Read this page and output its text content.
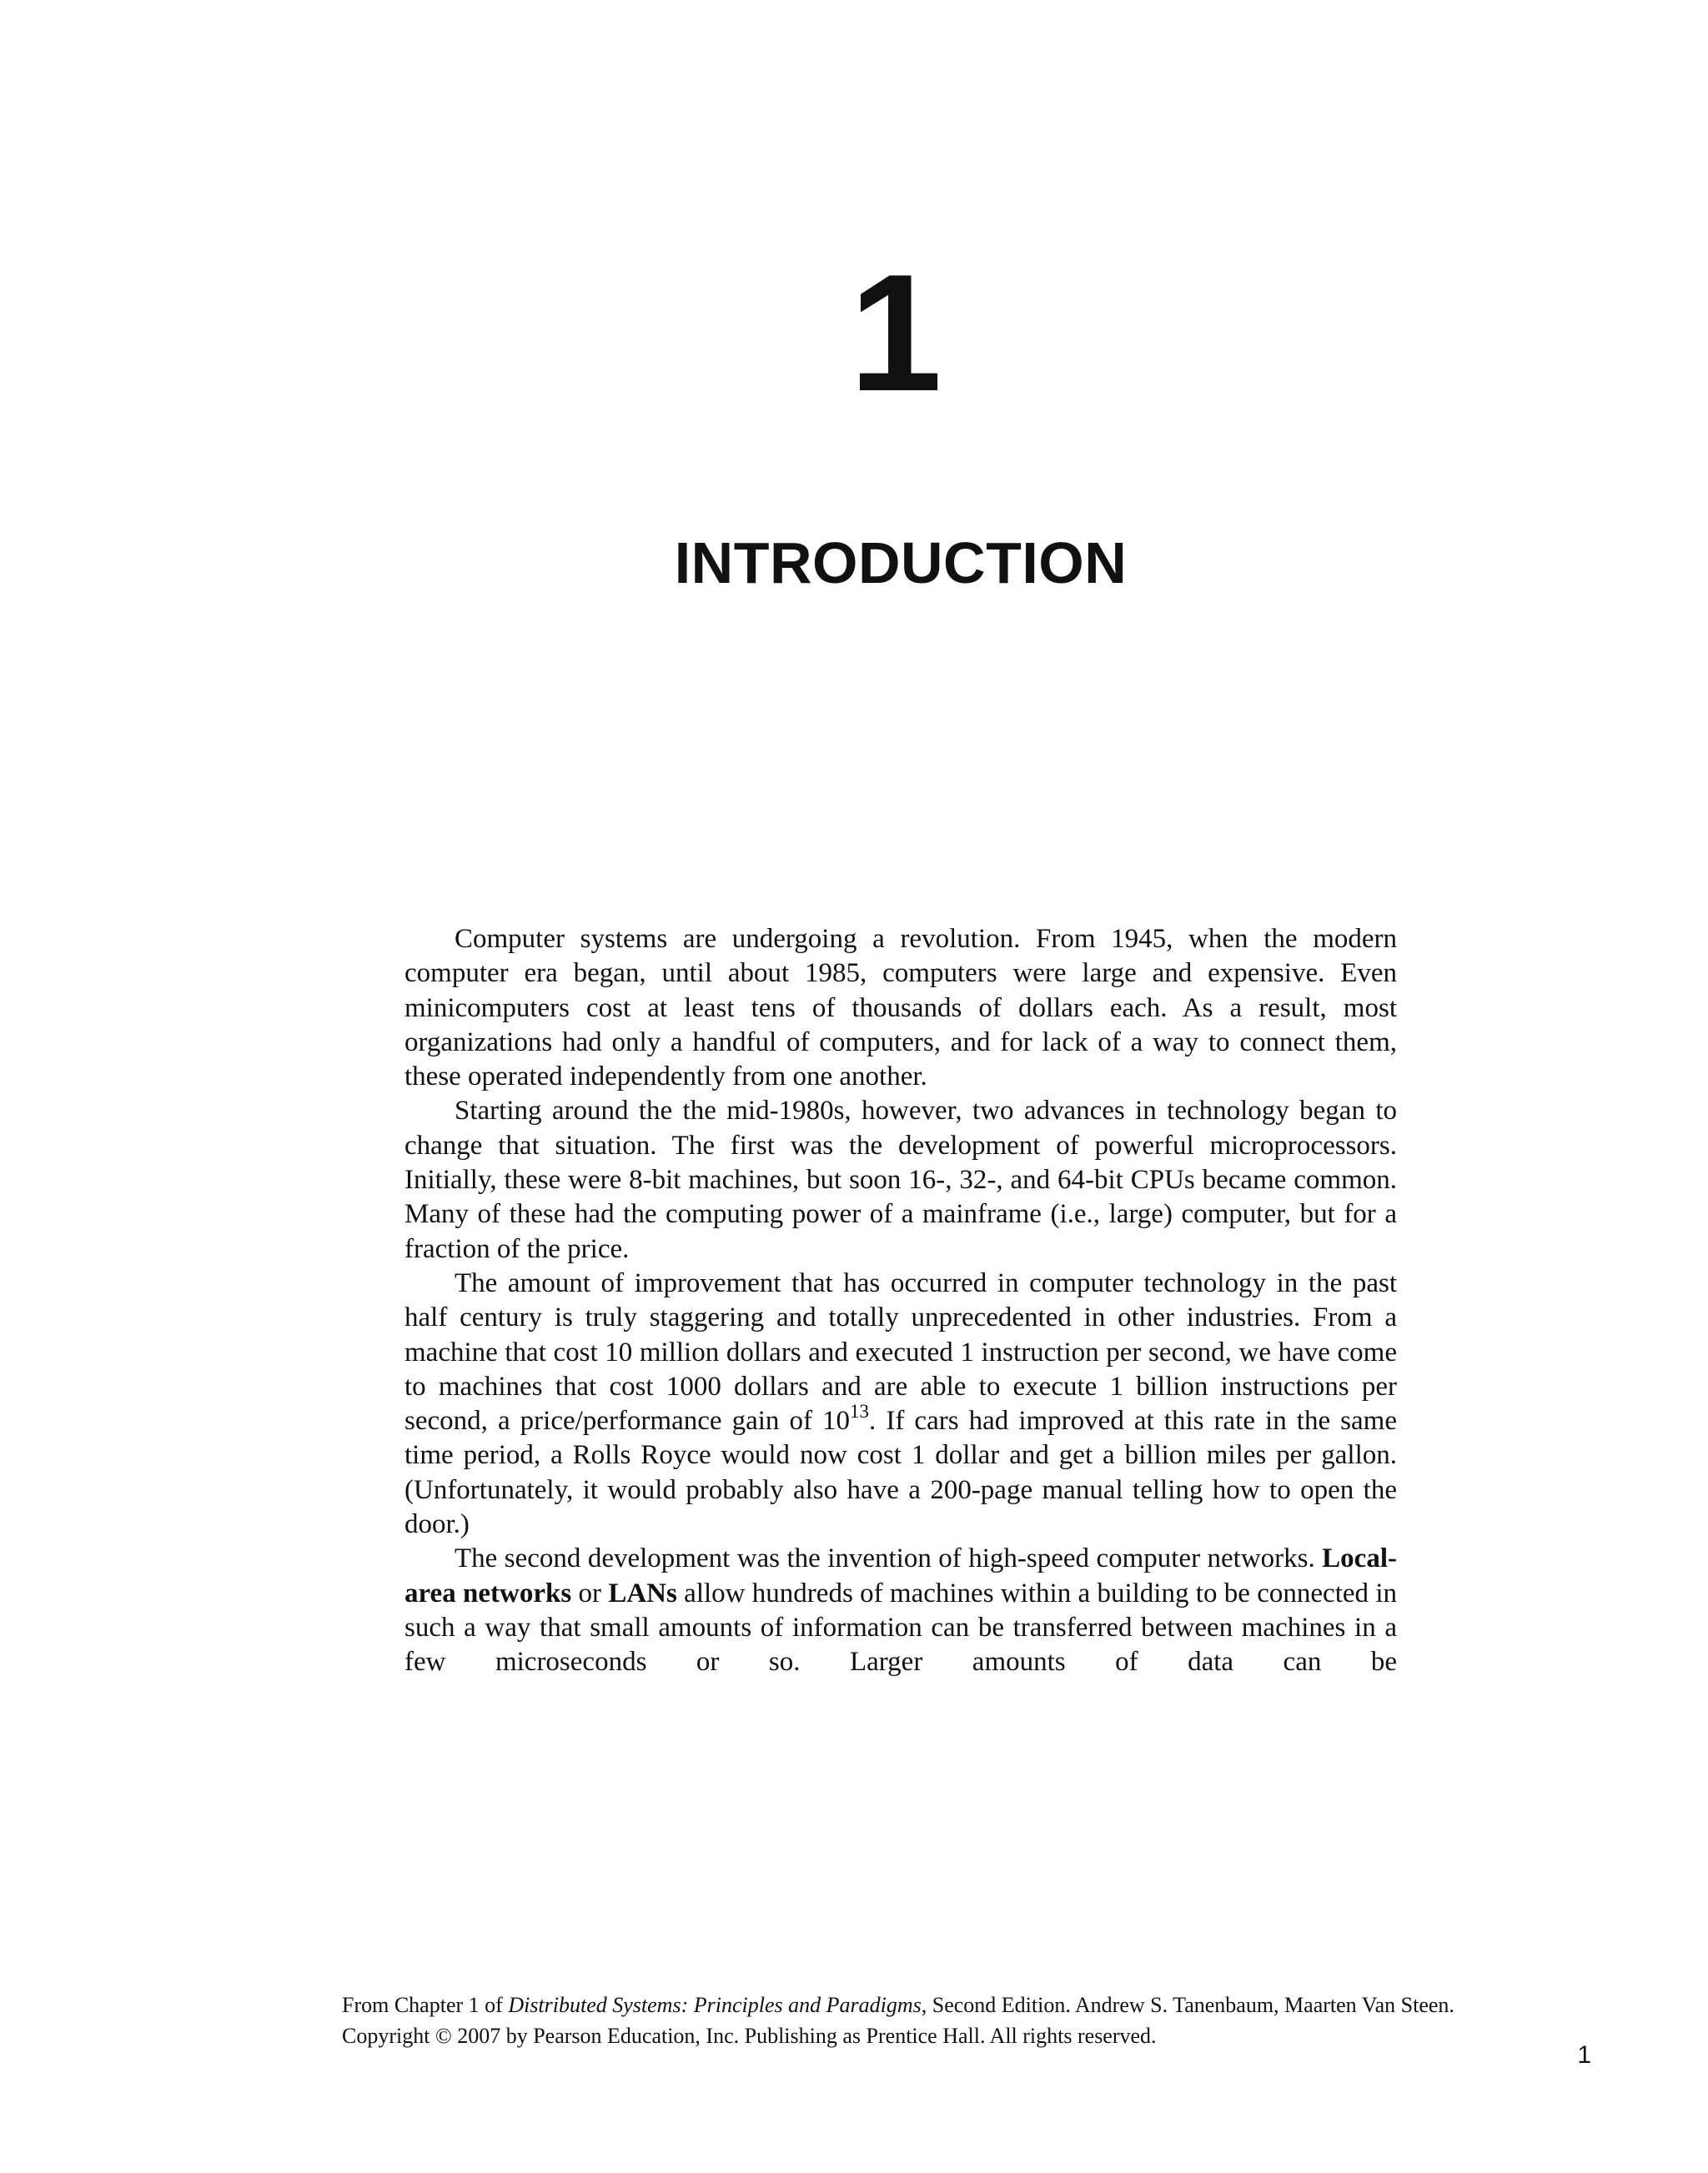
1
INTRODUCTION

Computer systems are undergoing a revolution. From 1945, when the modern computer era began, until about 1985, computers were large and expensive. Even minicomputers cost at least tens of thousands of dollars each. As a result, most organizations had only a handful of computers, and for lack of a way to connect them, these operated independently from one another.

Starting around the the mid-1980s, however, two advances in technology began to change that situation. The first was the development of powerful microprocessors. Initially, these were 8-bit machines, but soon 16-, 32-, and 64-bit CPUs became common. Many of these had the computing power of a mainframe (i.e., large) computer, but for a fraction of the price.

The amount of improvement that has occurred in computer technology in the past half century is truly staggering and totally unprecedented in other industries. From a machine that cost 10 million dollars and executed 1 instruction per second, we have come to machines that cost 1000 dollars and are able to execute 1 billion instructions per second, a price/performance gain of $10^{13}$. If cars had improved at this rate in the same time period, a Rolls Royce would now cost 1 dollar and get a billion miles per gallon. (Unfortunately, it would probably also have a 200-page manual telling how to open the door.)

The second development was the invention of high-speed computer networks. Local-area networks or LANs allow hundreds of machines within a building to be connected in such a way that small amounts of information can be transferred between machines in a few microseconds or so. Larger amounts of data can be

From Chapter 1 of Distributed Systems: Principles and Paradigms, Second Edition. Andrew S. Tanenbaum, Maarten Van Steen. Copyright © 2007 by Pearson Education, Inc. Publishing as Prentice Hall. All rights reserved.

1
